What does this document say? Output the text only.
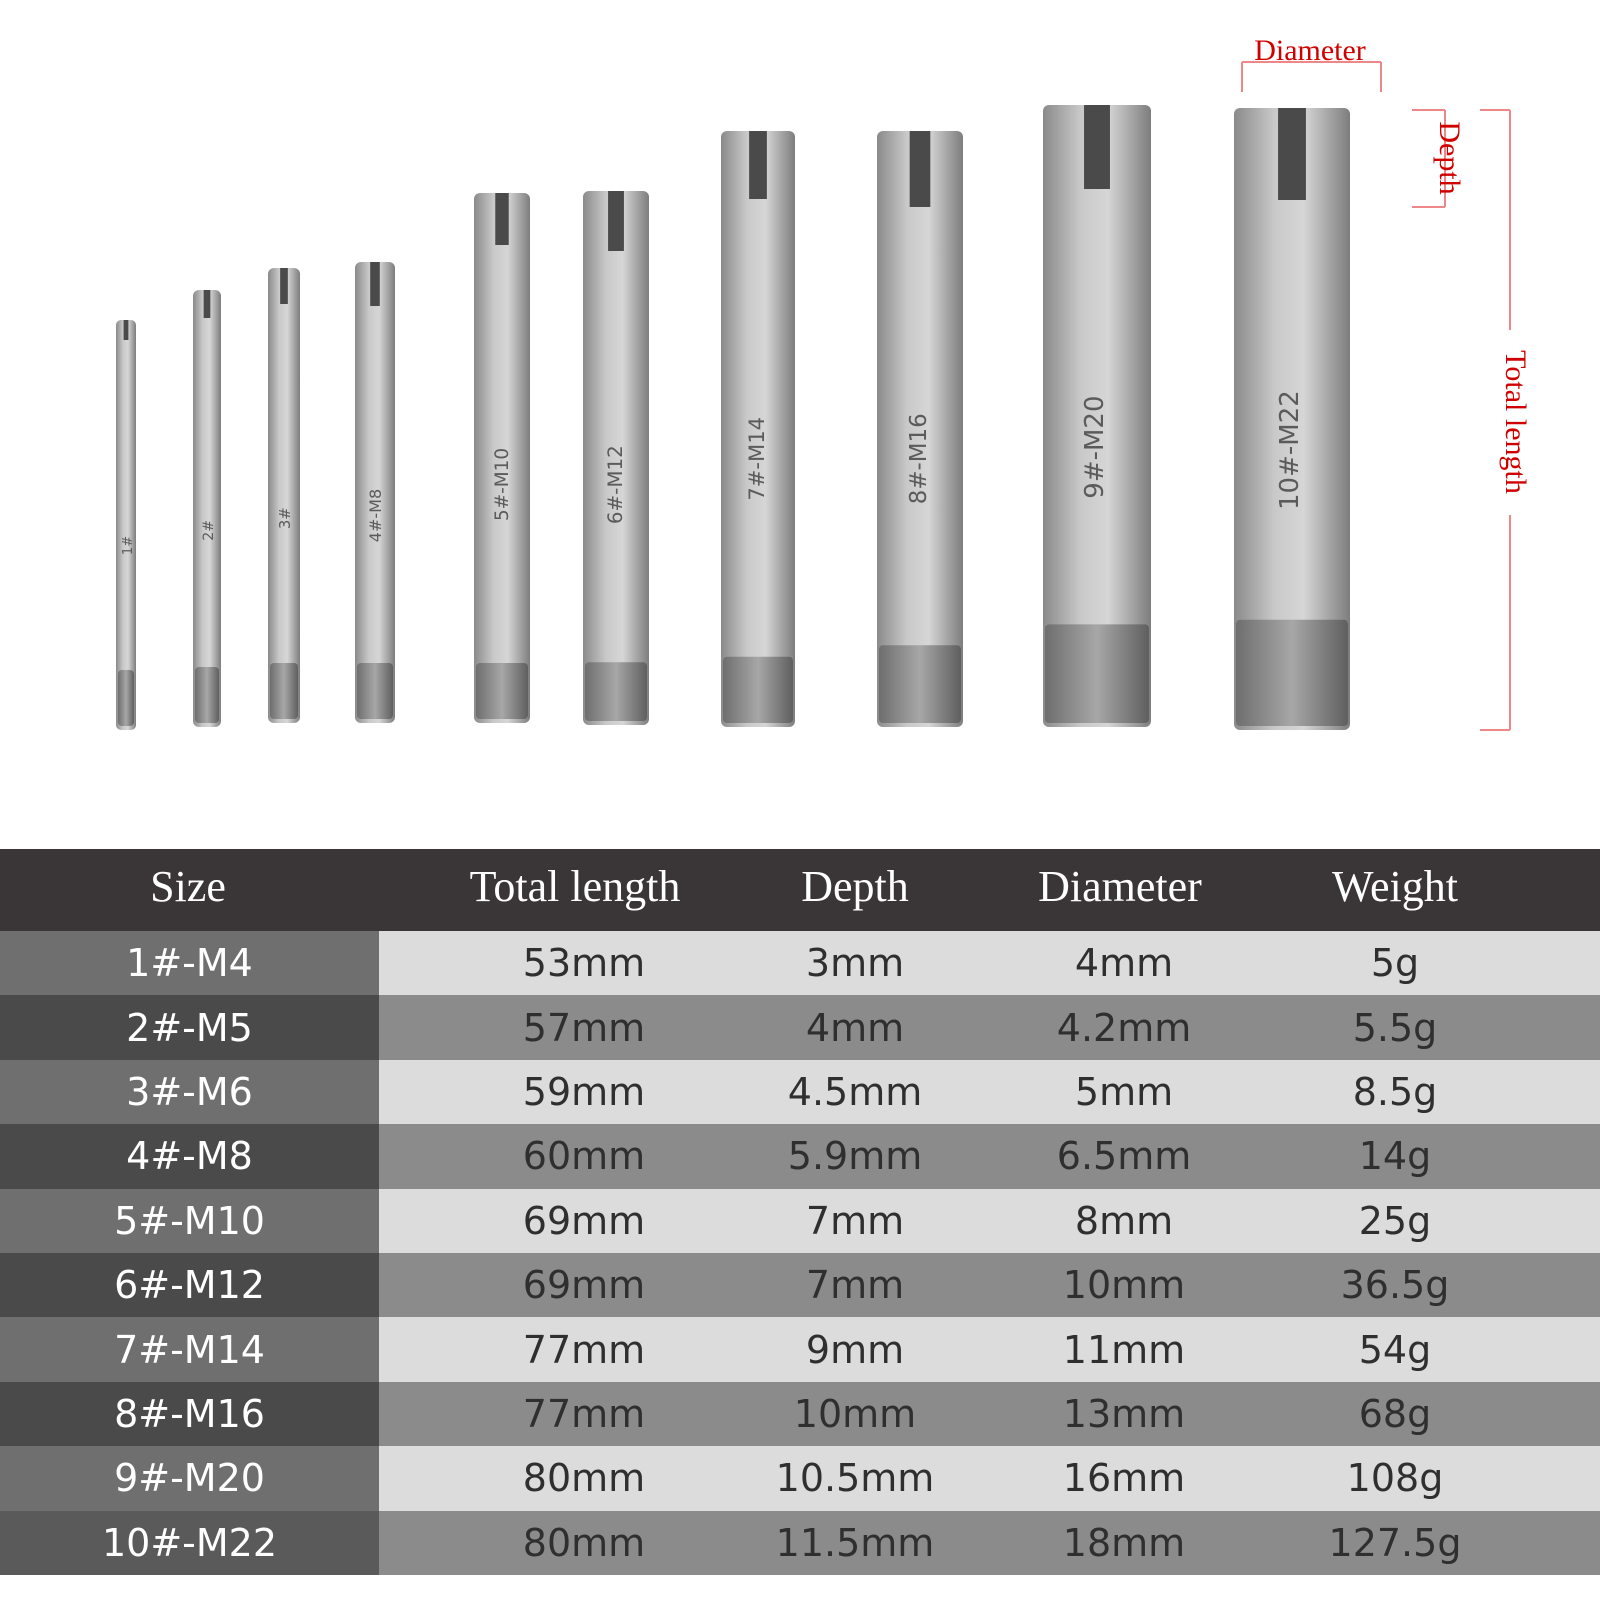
1#
2#
3#	4#-M8	5#-M10	6#-M12	7#-M14	8#-M16	9#-M20	10#-M22
Diameter
Depth
Total length
Size	Total length	Depth	Diameter	Weight
1#-M4	53mm	3mm	4mm	5g
2#-M5	57mm	4mm	4.2mm	5.5g
3#-M6	59mm	4.5mm	5mm	8.5g
4#-M8	60mm	5.9mm	6.5mm	14g
5#-M10	69mm	7mm	8mm	25g
6#-M12	69mm	7mm	10mm	36.5g
7#-M14	77mm	9mm	11mm	54g
8#-M16	77mm	10mm	13mm	68g
9#-M20	80mm	10.5mm	16mm	108g
10#-M22	80mm	11.5mm	18mm	127.5g
